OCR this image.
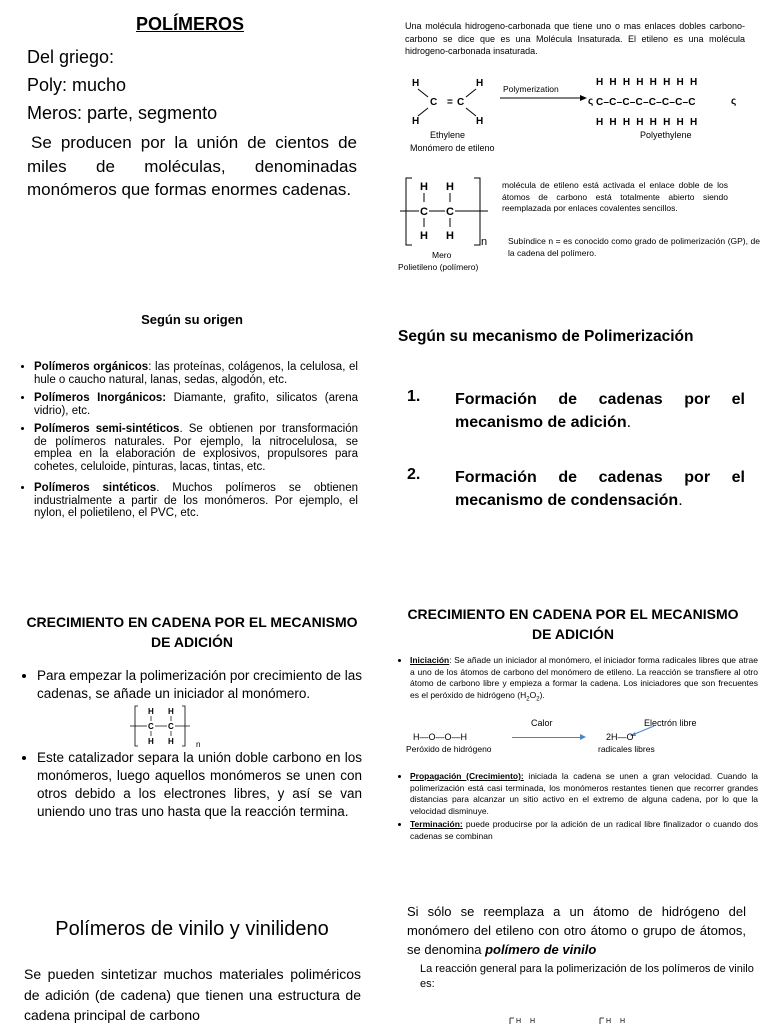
POLÍMEROS
Del griego:
Poly: mucho
Meros: parte, segmento
Se producen por la unión de cientos de miles de moléculas, denominadas monómeros que formas enormes cadenas.
Una molécula hidrogeno-carbonada que tiene uno o mas enlaces dobles carbono-carbono se dice que es una Molécula Insaturada. El etileno es una molécula hidrogeno-carbonada insaturada.
H	H
C = C
H	H
Ethylene
Polymerization
ς
HHHHHHHH
C–C–C–C–C–C–C–C	ς
HHHHHHHH
Polyethylene
Monómero de etileno
H H
C C
H H n
Mero
Polietileno (polímero)
molécula de etileno está activada el enlace doble de los átomos de carbono está totalmente abierto siendo reemplazada por enlaces covalentes sencillos.
Subíndice n = es conocido como grado de polimerización (GP), de la cadena del polímero.
Según su origen
• Polímeros orgánicos: las proteínas, colágenos, la celulosa, el hule o caucho natural, lanas, sedas, algodón, etc.
• Polímeros Inorgánicos: Diamante, grafito, silicatos (arena vidrio), etc.
• Polímeros semi-sintéticos. Se obtienen por transformación de polímeros naturales. Por ejemplo, la nitrocelulosa, se emplea en la elaboración de explosivos, propulsores para cohetes, celuloide, pinturas, lacas, tintas, etc.
• Polímeros sintéticos. Muchos polímeros se obtienen industrialmente a partir de los monómeros. Por ejemplo, el nylon, el polietileno, el PVC, etc.
Según su mecanismo de Polimerización
1. Formación de cadenas por el mecanismo de adición.
2. Formación de cadenas por el mecanismo de condensación.
CRECIMIENTO EN CADENA POR EL MECANISMO DE ADICIÓN
• Para empezar la polimerización por crecimiento de las cadenas, se añade un iniciador al monómero.
• Este catalizador separa la unión doble carbono en los monómeros, luego aquellos monómeros se unen con otros debido a los electrones libres, y así se van uniendo uno tras uno hasta que la reacción termina.
H H
C C
H H	n
CRECIMIENTO EN CADENA POR EL MECANISMO DE ADICIÓN
• Iniciación: Se añade un iniciador al monómero, el iniciador forma radicales libres que atrae a uno de los átomos de carbono del monómero de etileno. La reacción se transfiere al otro átomo de carbono libre y empieza a formar la cadena. Los iniciadores que son frecuentes es el peróxido de hidrógeno $(H_2O_2)$.
Calor	Electrón libre
H—O—O—H	2H—O
Peróxido de hidrógeno	radicales libres
• Propagación (Crecimiento): iniciada la cadena se unen a gran velocidad. Cuando la polimerización está casi terminada, los monómeros restantes tienen que recorrer grandes distancias para alcanzar un sitio activo en el extremo de alguna cadena, por lo que la velocidad disminuye.
• Terminación: puede producirse por la adición de un radical libre finalizador o cuando dos cadenas se combinan
Polímeros de vinilo y vinilideno
Se pueden sintetizar muchos materiales poliméricos de adición (de cadena) que tienen una estructura de cadena principal de carbono
Si sólo se reemplaza a un átomo de hidrógeno del monómero del etileno con otro átomo o grupo de átomos, se denomina polímero de vinilo
La reacción general para la polimerización de los polímeros de vinilo es:
H H	H H
